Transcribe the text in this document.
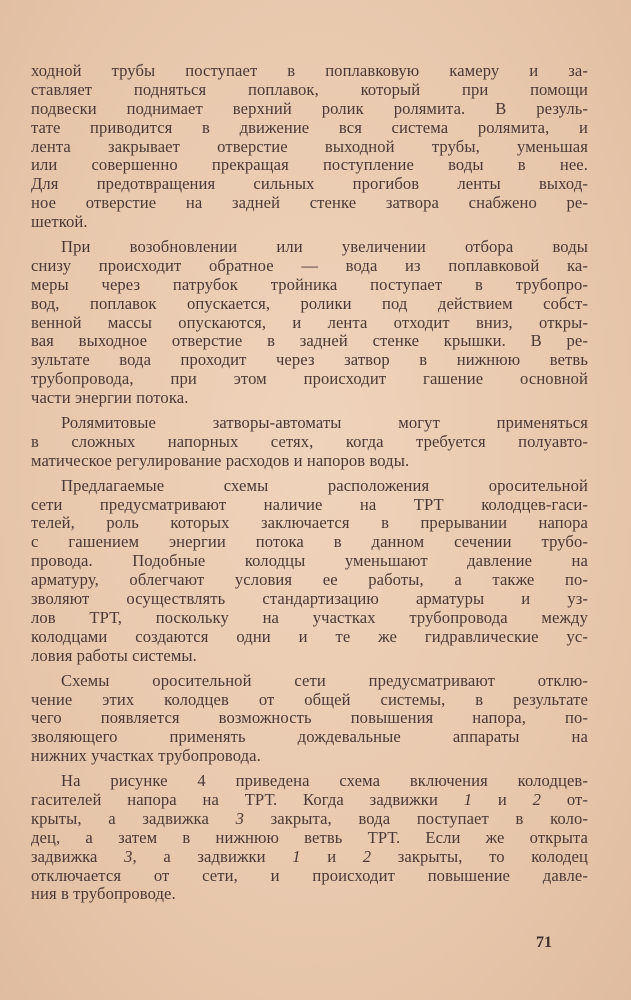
ходной трубы поступает в поплавковую камеру и за-
ставляет подняться поплавок, который при помощи
подвески поднимает верхний ролик ролямита. В резуль-
тате приводится в движение вся система ролямита, и
лента закрывает отверстие выходной трубы, уменьшая
или совершенно прекращая поступление воды в нее.
Для предотвращения сильных прогибов ленты выход-
ное отверстие на задней стенке затвора снабжено ре-
шеткой.
При возобновлении или увеличении отбора воды
снизу происходит обратное — вода из поплавковой ка-
меры через патрубок тройника поступает в трубопро-
вод, поплавок опускается, ролики под действием собст-
венной массы опускаются, и лента отходит вниз, откры-
вая выходное отверстие в задней стенке крышки. В ре-
зультате вода проходит через затвор в нижнюю ветвь
трубопровода, при этом происходит гашение основной
части энергии потока.
Ролямитовые затворы-автоматы могут применяться
в сложных напорных сетях, когда требуется полуавто-
матическое регулирование расходов и напоров воды.
Предлагаемые схемы расположения оросительной
сети предусматривают наличие на ТРТ колодцев-гаси-
телей, роль которых заключается в прерывании напора
с гашением энергии потока в данном сечении трубо-
провода. Подобные колодцы уменьшают давление на
арматуру, облегчают условия ее работы, а также по-
зволяют осуществлять стандартизацию арматуры и уз-
лов ТРТ, поскольку на участках трубопровода между
колодцами создаются одни и те же гидравлические ус-
ловия работы системы.
Схемы оросительной сети предусматривают отклю-
чение этих колодцев от общей системы, в результате
чего появляется возможность повышения напора, по-
зволяющего применять дождевальные аппараты на
нижних участках трубопровода.
На рисунке 4 приведена схема включения колодцев-
гасителей напора на ТРТ. Когда задвижки 1 и 2 от-
крыты, а задвижка 3 закрыта, вода поступает в коло-
дец, а затем в нижнюю ветвь ТРТ. Если же открыта
задвижка 3, а задвижки 1 и 2 закрыты, то колодец
отключается от сети, и происходит повышение давле-
ния в трубопроводе.
71
